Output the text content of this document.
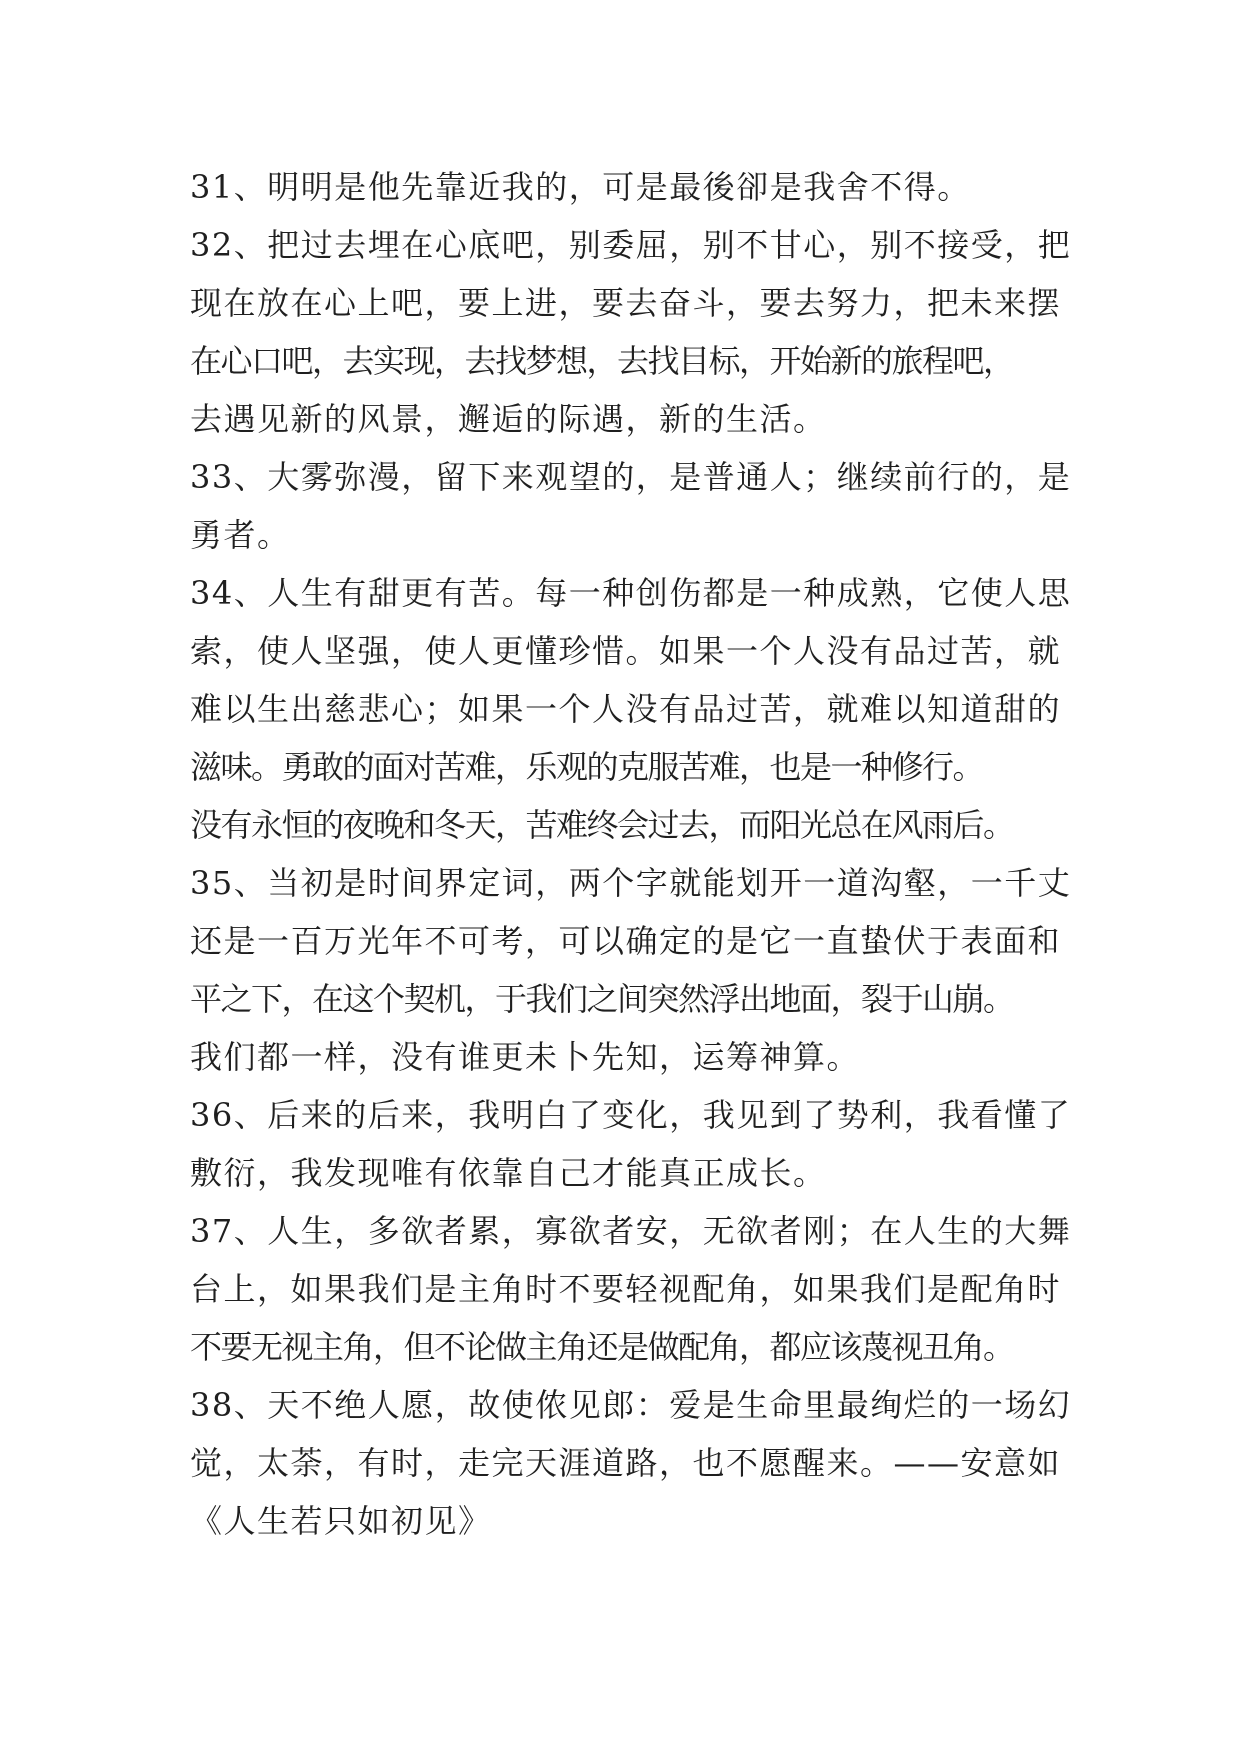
31、明明是他先靠近我的，可是最後卻是我舍不得。
32、把过去埋在心底吧，别委屈，别不甘心，别不接受，把
现在放在心上吧，要上进，要去奋斗，要去努力，把未来摆
在心口吧，去实现，去找梦想，去找目标，开始新的旅程吧，
去遇见新的风景，邂逅的际遇，新的生活。
33、大雾弥漫，留下来观望的，是普通人；继续前行的，是
勇者。
34、人生有甜更有苦。每一种创伤都是一种成熟，它使人思
索，使人坚强，使人更懂珍惜。如果一个人没有品过苦，就
难以生出慈悲心；如果一个人没有品过苦，就难以知道甜的
滋味。勇敢的面对苦难，乐观的克服苦难，也是一种修行。
没有永恒的夜晚和冬天，苦难终会过去，而阳光总在风雨后。
35、当初是时间界定词，两个字就能划开一道沟壑，一千丈
还是一百万光年不可考，可以确定的是它一直蛰伏于表面和
平之下，在这个契机，于我们之间突然浮出地面，裂于山崩。
我们都一样，没有谁更未卜先知，运筹神算。
36、后来的后来，我明白了变化，我见到了势利，我看懂了
敷衍，我发现唯有依靠自己才能真正成长。
37、人生，多欲者累，寡欲者安，无欲者刚；在人生的大舞
台上，如果我们是主角时不要轻视配角，如果我们是配角时
不要无视主角，但不论做主角还是做配角，都应该蔑视丑角。
38、天不绝人愿，故使侬见郎：爱是生命里最绚烂的一场幻
觉，太荼，有时，走完天涯道路，也不愿醒来。——安意如
《人生若只如初见》
